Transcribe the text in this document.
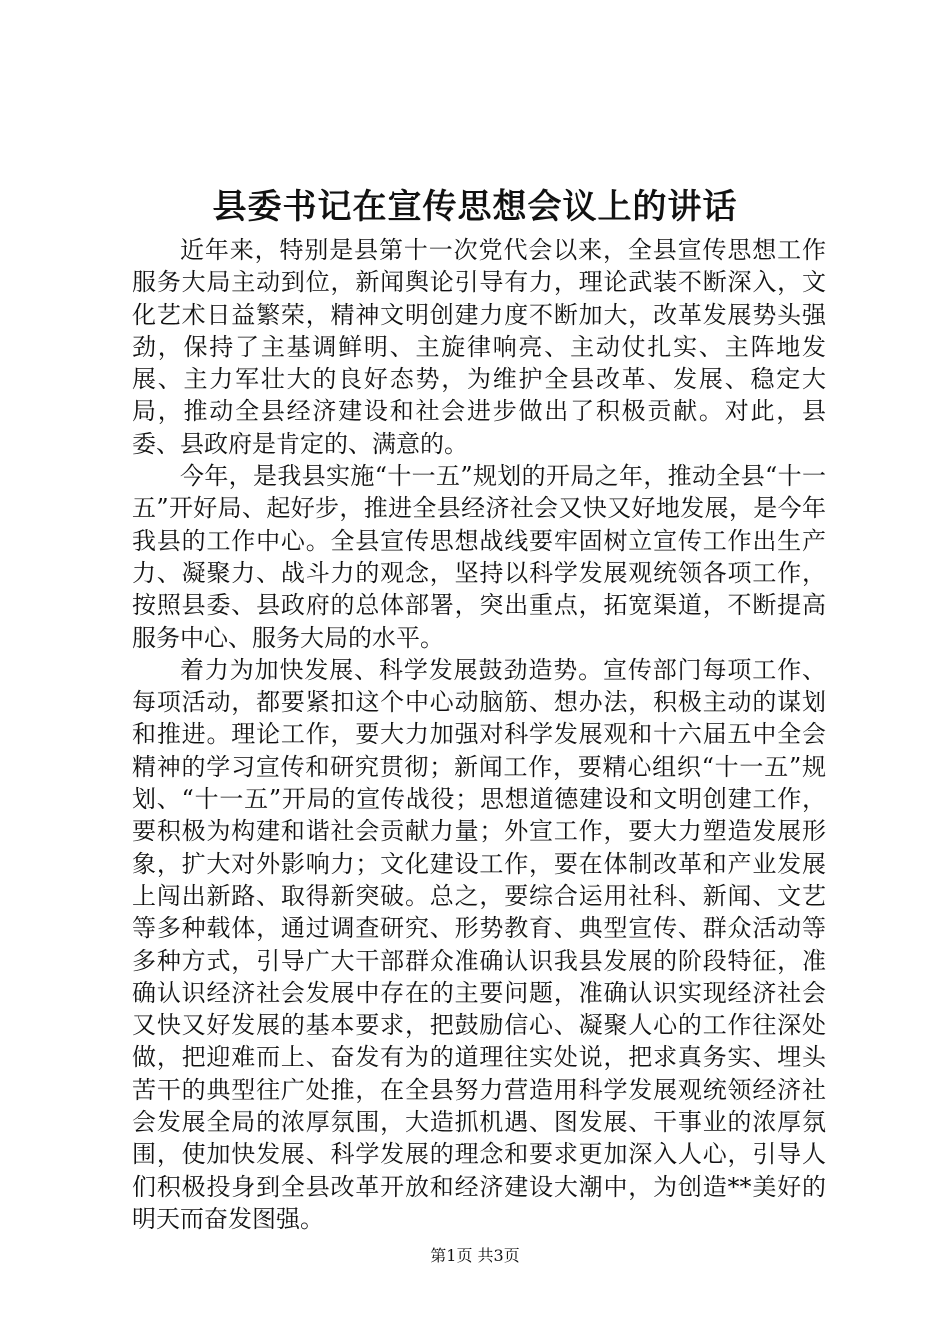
县委书记在宣传思想会议上的讲话

近年来，特别是县第十一次党代会以来，全县宣传思想工作服务大局主动到位，新闻舆论引导有力，理论武装不断深入，文化艺术日益繁荣，精神文明创建力度不断加大，改革发展势头强劲，保持了主基调鲜明、主旋律响亮、主动仗扎实、主阵地发展、主力军壮大的良好态势，为维护全县改革、发展、稳定大局，推动全县经济建设和社会进步做出了积极贡献。对此，县委、县政府是肯定的、满意的。

今年，是我县实施“十一五”规划的开局之年，推动全县“十一五”开好局、起好步，推进全县经济社会又快又好地发展，是今年我县的工作中心。全县宣传思想战线要牢固树立宣传工作出生产力、凝聚力、战斗力的观念，坚持以科学发展观统领各项工作，按照县委、县政府的总体部署，突出重点，拓宽渠道，不断提高服务中心、服务大局的水平。

着力为加快发展、科学发展鼓劲造势。宣传部门每项工作、每项活动，都要紧扣这个中心动脑筋、想办法，积极主动的谋划和推进。理论工作，要大力加强对科学发展观和十六届五中全会精神的学习宣传和研究贯彻；新闻工作，要精心组织“十一五”规划、“十一五”开局的宣传战役；思想道德建设和文明创建工作，要积极为构建和谐社会贡献力量；外宣工作，要大力塑造发展形象，扩大对外影响力；文化建设工作，要在体制改革和产业发展上闯出新路、取得新突破。总之，要综合运用社科、新闻、文艺等多种载体，通过调查研究、形势教育、典型宣传、群众活动等多种方式，引导广大干部群众准确认识我县发展的阶段特征，准确认识经济社会发展中存在的主要问题，准确认识实现经济社会又快又好发展的基本要求，把鼓励信心、凝聚人心的工作往深处做，把迎难而上、奋发有为的道理往实处说，把求真务实、埋头苦干的典型往广处推，在全县努力营造用科学发展观统领经济社会发展全局的浓厚氛围，大造抓机遇、图发展、干事业的浓厚氛围，使加快发展、科学发展的理念和要求更加深入人心，引导人们积极投身到全县改革开放和经济建设大潮中，为创造**美好的明天而奋发图强。

第1页 共3页
